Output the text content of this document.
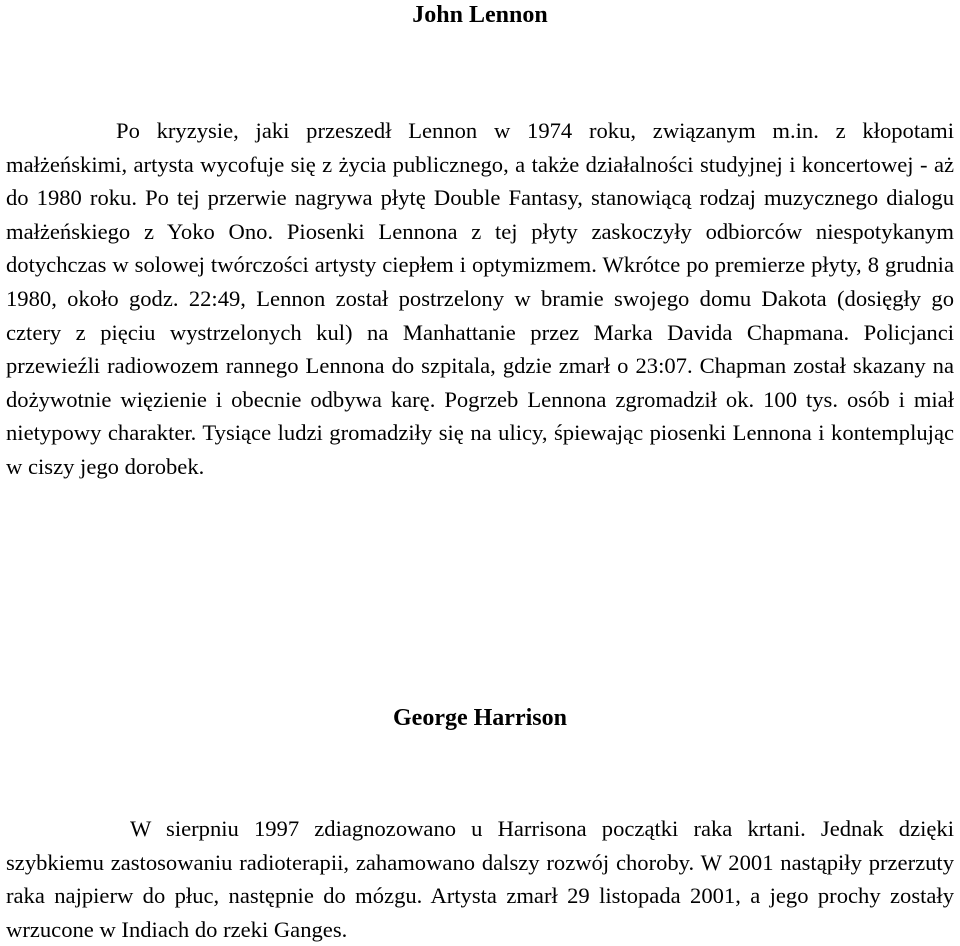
John Lennon

Po kryzysie, jaki przeszedł Lennon w 1974 roku, związanym m.in. z kłopotami małżeńskimi, artysta wycofuje się z życia publicznego, a także działalności studyjnej i koncertowej - aż do 1980 roku. Po tej przerwie nagrywa płytę Double Fantasy, stanowiącą rodzaj muzycznego dialogu małżeńskiego z Yoko Ono. Piosenki Lennona z tej płyty zaskoczyły odbiorców niespotykanym dotychczas w solowej twórczości artysty ciepłem i optymizmem. Wkrótce po premierze płyty, 8 grudnia 1980, około godz. 22:49, Lennon został postrzelony w bramie swojego domu Dakota (dosięgły go cztery z pięciu wystrzelonych kul) na Manhattanie przez Marka Davida Chapmana. Policjanci przewieźli radiowozem rannego Lennona do szpitala, gdzie zmarł o 23:07. Chapman został skazany na dożywotnie więzienie i obecnie odbywa karę. Pogrzeb Lennona zgromadził ok. 100 tys. osób i miał nietypowy charakter. Tysiące ludzi gromadziły się na ulicy, śpiewając piosenki Lennona i kontemplując w ciszy jego dorobek.

George Harrison

W sierpniu 1997 zdiagnozowano u Harrisona początki raka krtani. Jednak dzięki szybkiemu zastosowaniu radioterapii, zahamowano dalszy rozwój choroby. W 2001 nastąpiły przerzuty raka najpierw do płuc, następnie do mózgu. Artysta zmarł 29 listopada 2001, a jego prochy zostały wrzucone w Indiach do rzeki Ganges.
